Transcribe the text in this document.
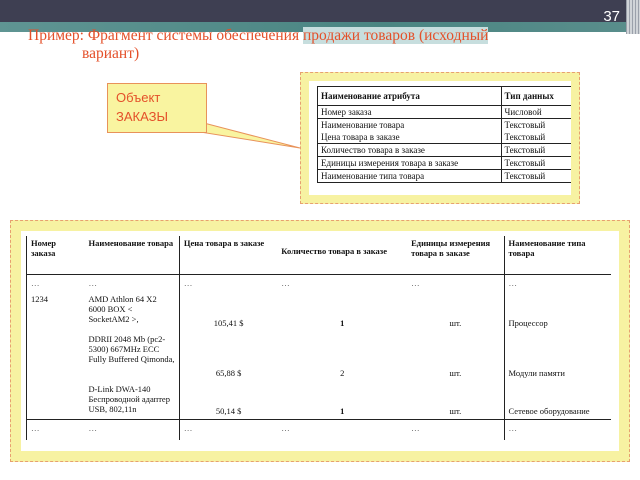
37
Пример: Фрагмент системы обеспечения продажи товаров (исходный
вариант)
Объект
ЗАКАЗЫ
Наименование атрибута	Тип данных
Номер заказа	Числовой
Наименование товара	Текстовый
Цена товара в заказе	Текстовый
Количество товара в заказе	Текстовый
Единицы измерения товара в заказе	Текстовый
Наименование типа товара	Текстовый
Номер заказа	Наименование товара	Цена товара в заказе	Количество товара в заказе	Единицы измерения товара в заказе	Наименование типа товара
…	…	…	…	…	…
1234	AMD Athlon 64 X2 6000 BOX < SocketAM2 >,	105,41 $	1	шт.	Процессор
	DDRII 2048 Mb (pc2-5300) 667MHz ECC Fully Buffered Qimonda,	65,88 $	2	шт.	Модули памяти
	D-Link DWA-140 Беспроводной адаптер USB, 802,11n	50,14 $	1	шт.	Сетевое оборудование
…	…	…	…	…	…
